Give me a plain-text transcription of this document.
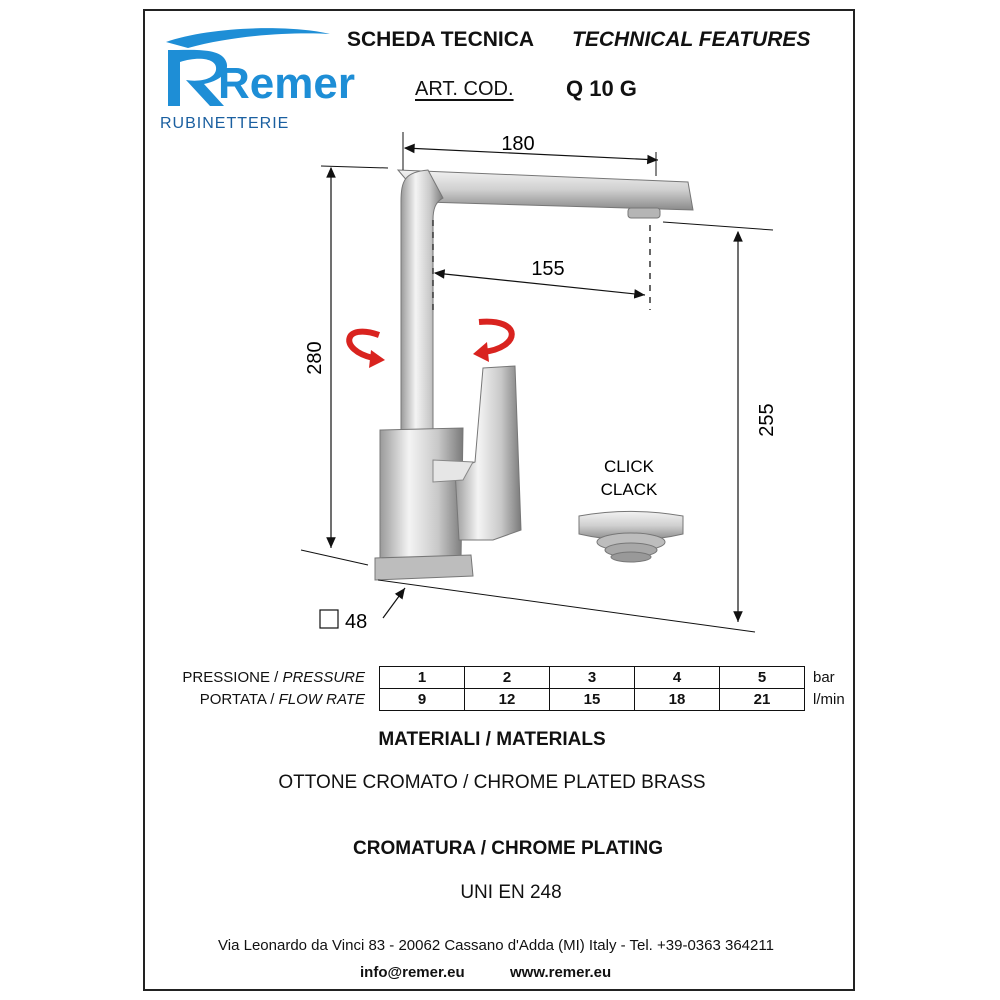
Remer
RUBINETTERIE
SCHEDA TECNICA TECHNICAL FEATURES
ART. COD. Q 10 G
180
155
280
255
48
CLICK
CLACK
PRESSIONE / PRESSURE	1	2	3	4	5	bar
PORTATA / FLOW RATE	9	12	15	18	21	l/min
MATERIALI / MATERIALS
OTTONE CROMATO / CHROME PLATED BRASS
CROMATURA / CHROME PLATING
UNI EN 248
Via Leonardo da Vinci 83 - 20062 Cassano d'Adda (MI) Italy - Tel. +39-0363 364211
info@remer.eu	www.remer.eu
